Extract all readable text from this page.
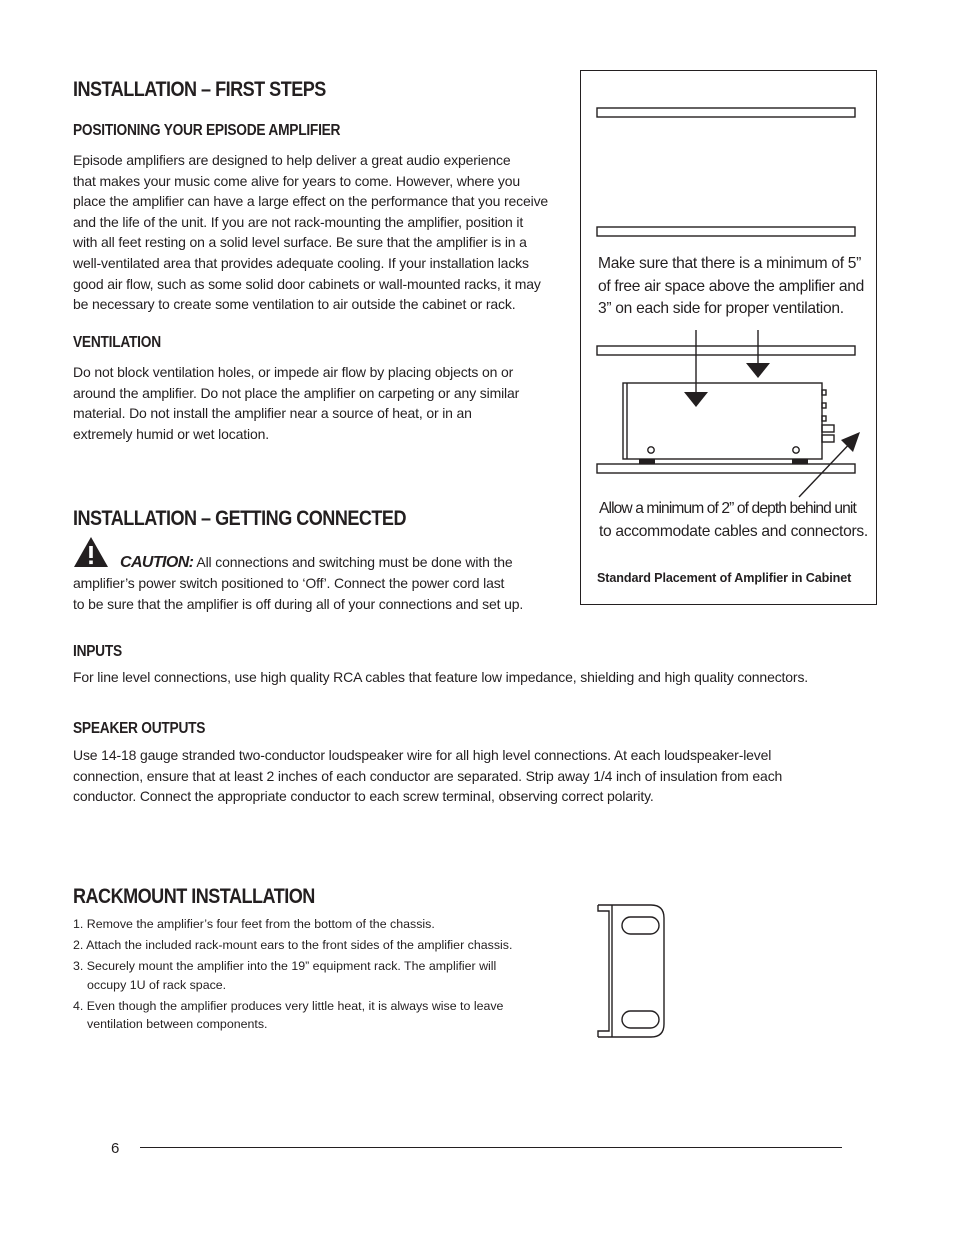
INSTALLATION – FIRST STEPS
POSITIONING YOUR EPISODE AMPLIFIER

Episode amplifiers are designed to help deliver a great audio experience

that makes your music come alive for years to come. However, where you

place the amplifier can have a large effect on the performance that you receive

and the life of the unit. If you are not rack-mounting the amplifier, position it

with all feet resting on a solid level surface. Be sure that the amplifier is in a

well-ventilated area that provides adequate cooling. If your installation lacks

good air flow, such as some solid door cabinets or wall-mounted racks, it may

be necessary to create some ventilation to air outside the cabinet or rack.

VENTILATION

Do not block ventilation holes, or impede air flow by placing objects on or

around the amplifier. Do not place the amplifier on carpeting or any similar

material. Do not install the amplifier near a source of heat, or in an

extremely humid or wet location.

INSTALLATION – GETTING CONNECTED

CAUTION: All connections and switching must be done with the

amplifier’s power switch positioned to ‘Off’. Connect the power cord last

to be sure that the amplifier is off during all of your connections and set up.

INPUTS

For line level connections, use high quality RCA cables that feature low impedance, shielding and high quality connectors.

SPEAKER OUTPUTS

Use 14-18 gauge stranded two-conductor loudspeaker wire for all high level connections. At each loudspeaker-level

connection, ensure that at least 2 inches of each conductor are separated. Strip away 1/4 inch of insulation from each

conductor. Connect the appropriate conductor to each screw terminal, observing correct polarity.

RACKMOUNT INSTALLATION

1. Remove the amplifier’s four feet from the bottom of the chassis.

2. Attach the included rack-mount ears to the front sides of the amplifier chassis.

3. Securely mount the amplifier into the 19” equipment rack. The amplifier will

occupy 1U of rack space.

4. Even though the amplifier produces very little heat, it is always wise to leave

ventilation between components.

Make sure that there is a minimum of 5”

of free air space above the amplifier and

3” on each side for proper ventilation.

Allow a minimum of 2” of depth behind unit

to accommodate cables and connectors.

Standard Placement of Amplifier in Cabinet
6
